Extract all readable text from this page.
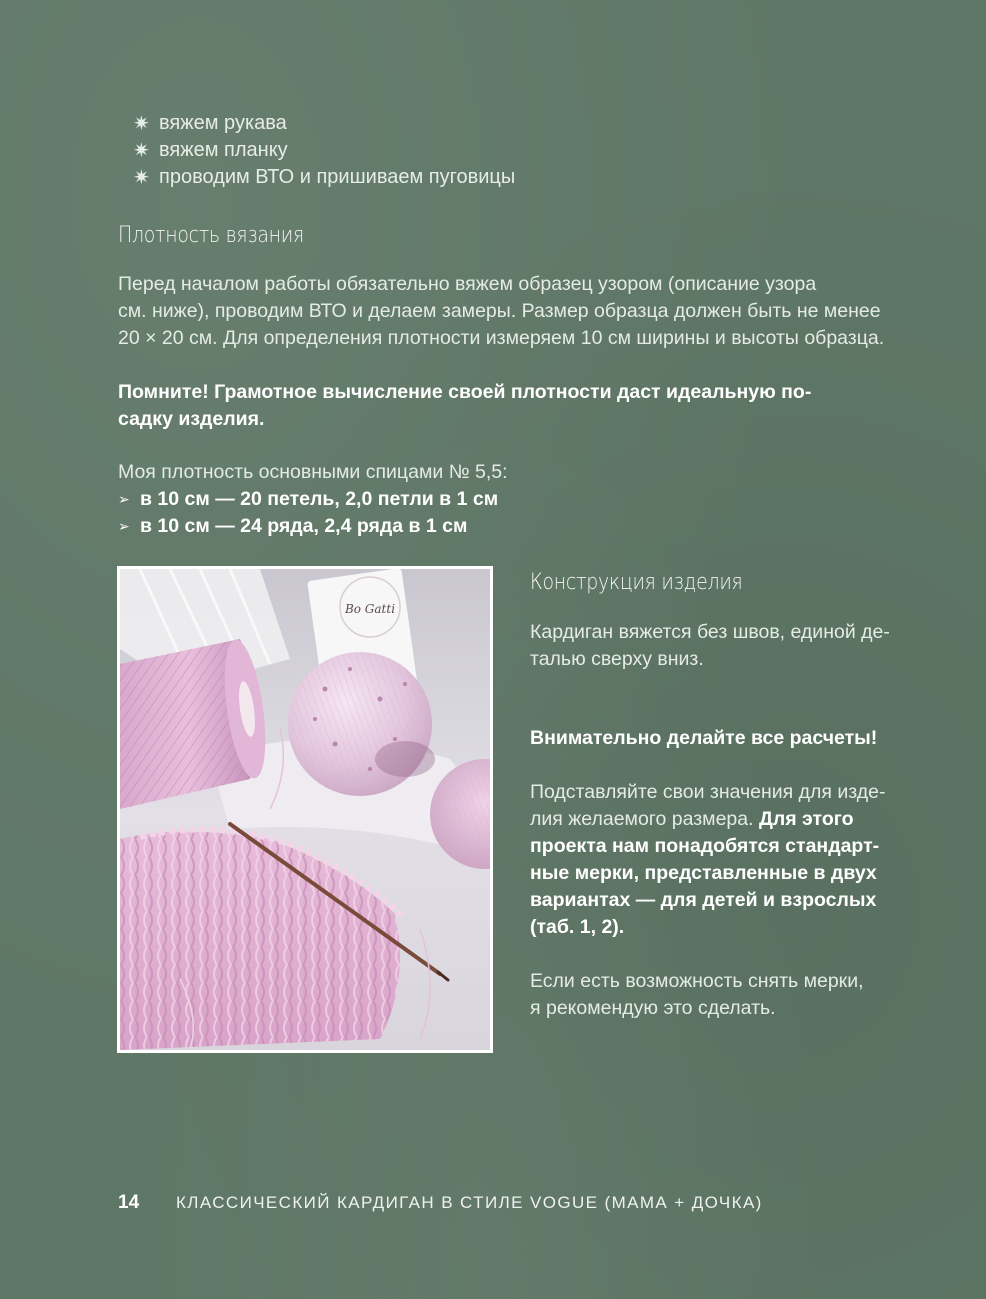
✷ вяжем рукава
✷ вяжем планку
✷ проводим ВТО и пришиваем пуговицы
Плотность вязания
Перед началом работы обязательно вяжем образец узором (описание узора
см. ниже), проводим ВТО и делаем замеры. Размер образца должен быть не менее
20 × 20 см. Для определения плотности измеряем 10 см ширины и высоты образца.
Помните! Грамотное вычисление своей плотности даст идеальную по-
садку изделия.
Моя плотность основными спицами № 5,5:
➢ в 10 см — 20 петель, 2,0 петли в 1 см
➢ в 10 см — 24 ряда, 2,4 ряда в 1 см
Bo Gatti
Конструкция изделия
Кардиган вяжется без швов, единой де-
талью сверху вниз.
Внимательно делайте все расчеты!
Подставляйте свои значения для изде-
лия желаемого размера. Для этого
проекта нам понадобятся стандарт-
ные мерки, представленные в двух
вариантах — для детей и взрослых
(таб. 1, 2).
Если есть возможность снять мерки,
я рекомендую это сделать.
14	КЛАССИЧЕСКИЙ КАРДИГАН В СТИЛЕ VOGUE (МАМА + ДОЧКА)
